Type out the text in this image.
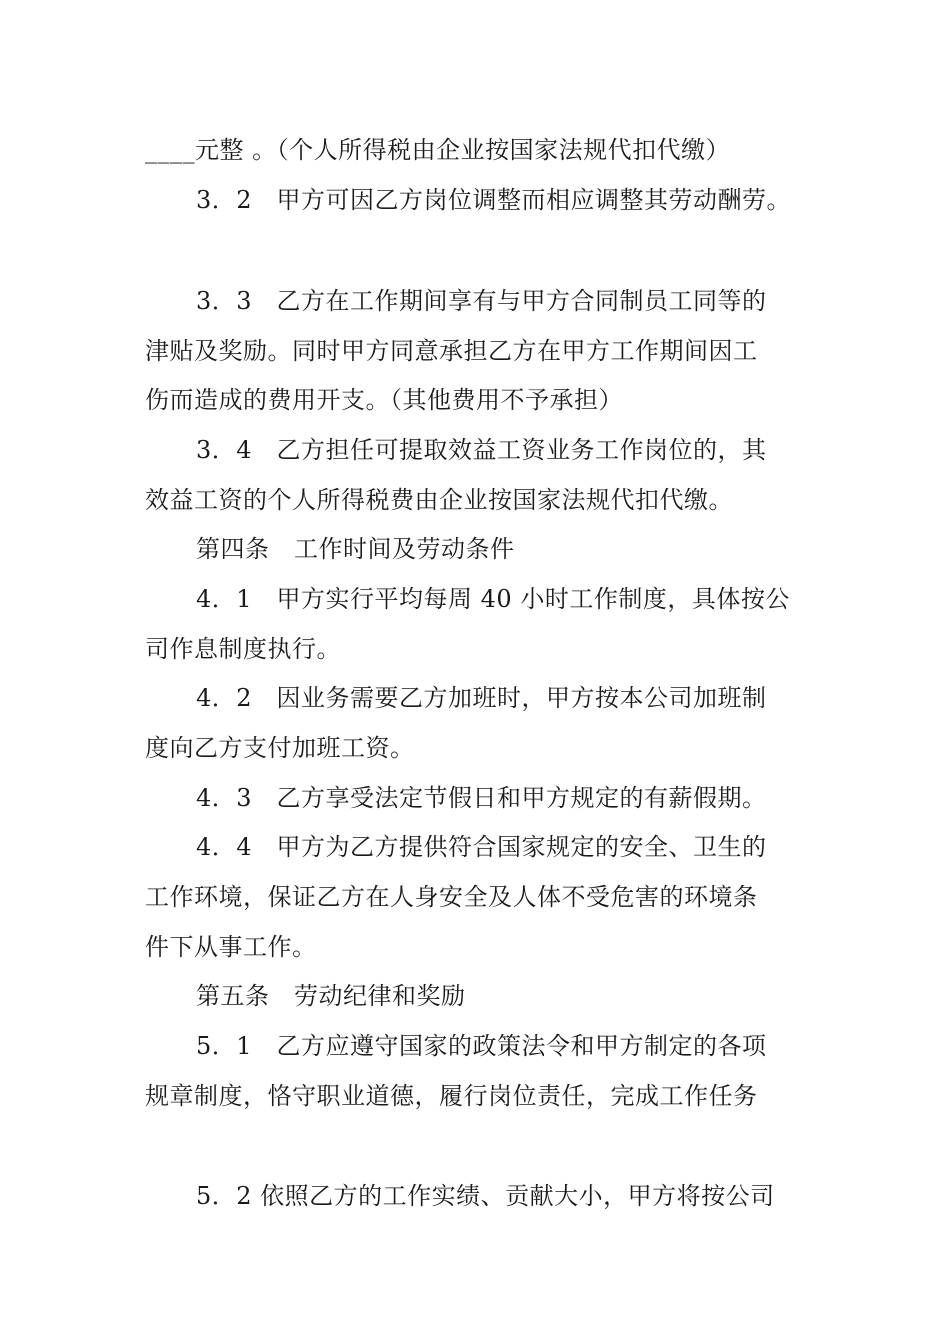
____元整 。（个人所得税由企业按国家法规代扣代缴）
3．2　甲方可因乙方岗位调整而相应调整其劳动酬劳。
3．3　乙方在工作期间享有与甲方合同制员工同等的
津贴及奖励。同时甲方同意承担乙方在甲方工作期间因工
伤而造成的费用开支。（其他费用不予承担）
3．4　乙方担任可提取效益工资业务工作岗位的，其
效益工资的个人所得税费由企业按国家法规代扣代缴。
第四条　工作时间及劳动条件
4．1　甲方实行平均每周 40 小时工作制度，具体按公
司作息制度执行。
4．2　因业务需要乙方加班时，甲方按本公司加班制
度向乙方支付加班工资。
4．3　乙方享受法定节假日和甲方规定的有薪假期。
4．4　甲方为乙方提供符合国家规定的安全、卫生的
工作环境，保证乙方在人身安全及人体不受危害的环境条
件下从事工作。
第五条　劳动纪律和奖励
5．1　乙方应遵守国家的政策法令和甲方制定的各项
规章制度，恪守职业道德，履行岗位责任，完成工作任务
5．2 依照乙方的工作实绩、贡献大小，甲方将按公司
